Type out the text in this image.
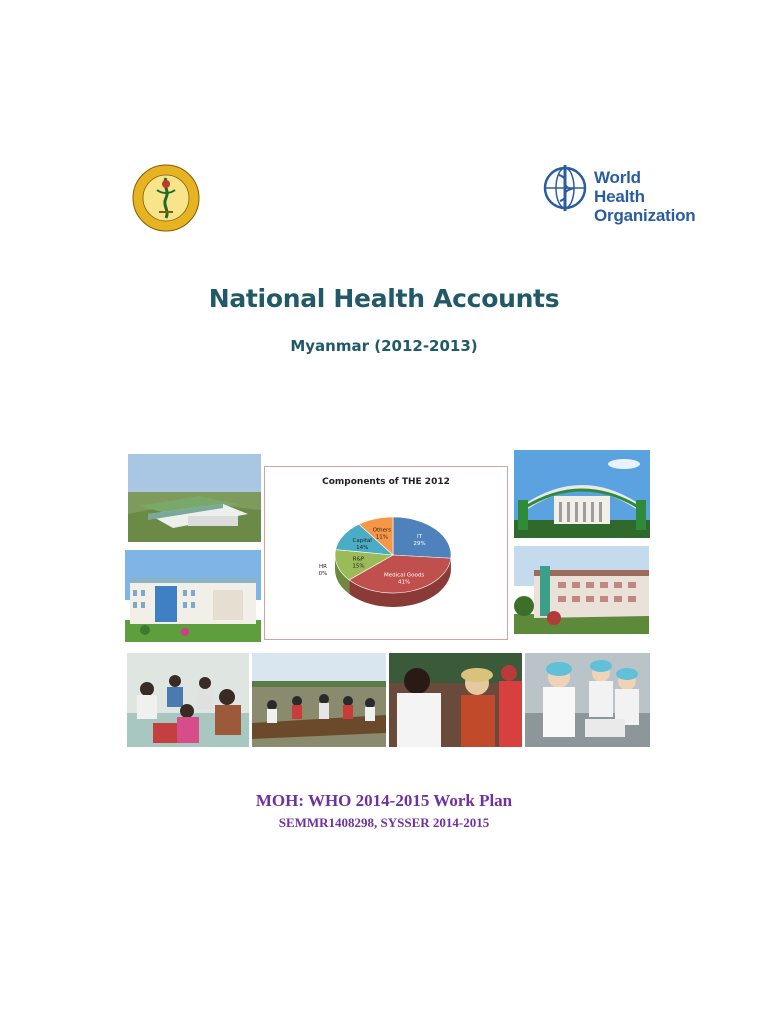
World Health
Organization
National Health Accounts
Myanmar (2012-2013)
Components of THE 2012
IT
29%
Medical Goods
41%
HR
0%
R&P
15%
Capital
14%
Others
11%
MOH: WHO 2014-2015 Work Plan
SEMMR1408298, SYSSER 2014-2015
